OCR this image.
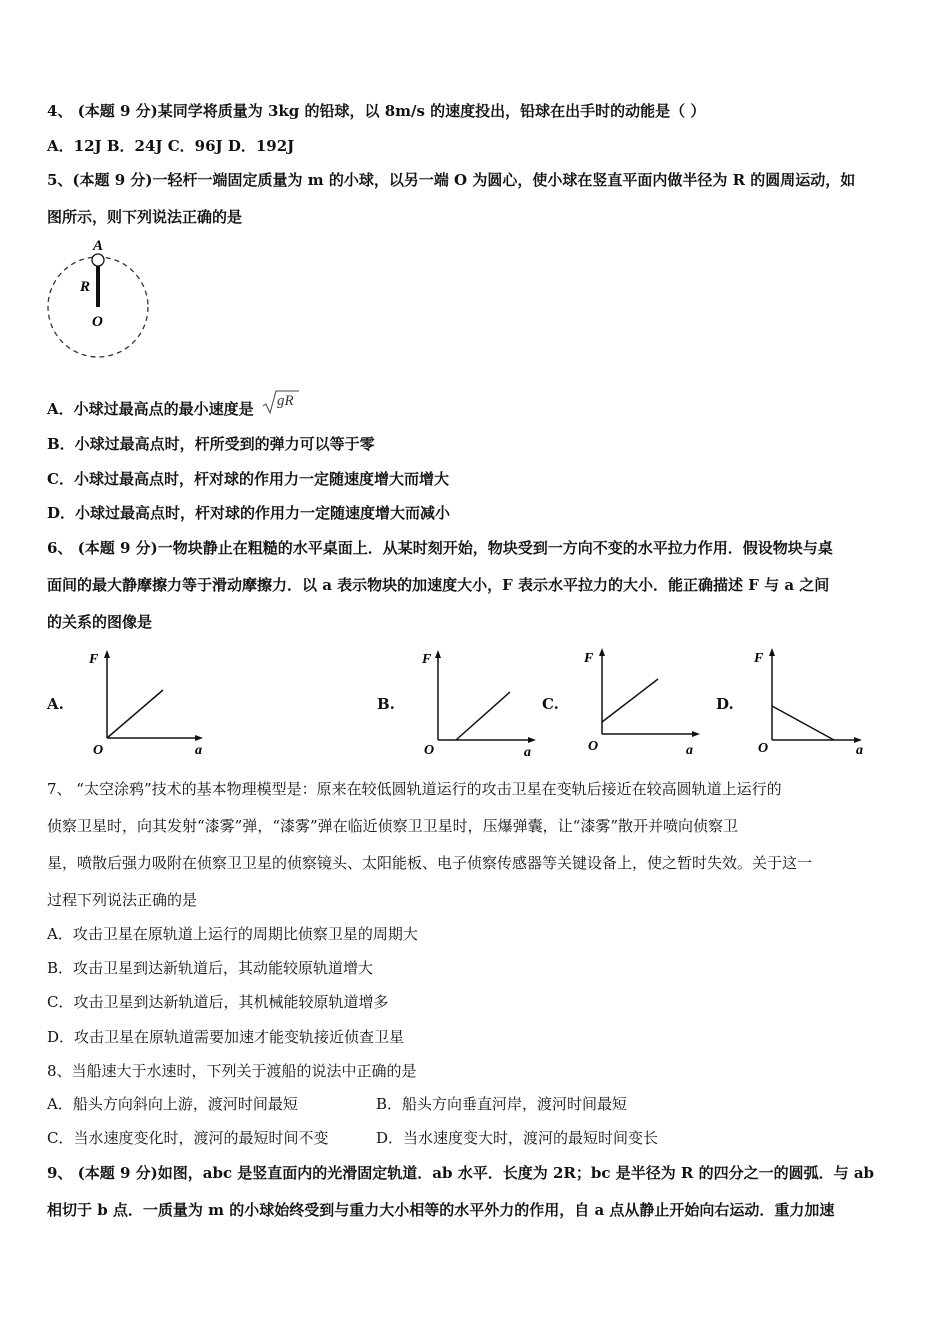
4、 (本题 9 分)某同学将质量为 3kg 的铅球，以 8m/s 的速度投出，铅球在出手时的动能是（ ）
A．12J B．24J C．96J D．192J
5、(本题 9 分)一轻杆一端固定质量为 m 的小球，以另一端 O 为圆心，使小球在竖直平面内做半径为 R 的圆周运动，如
图所示，则下列说法正确的是
A
R
O
A．小球过最高点的最小速度是 gR
B．小球过最高点时，杆所受到的弹力可以等于零
C．小球过最高点时，杆对球的作用力一定随速度增大而增大
D．小球过最高点时，杆对球的作用力一定随速度增大而减小
6、 (本题 9 分)一物块静止在粗糙的水平桌面上．从某时刻开始，物块受到一方向不变的水平拉力作用．假设物块与桌
面间的最大静摩擦力等于滑动摩擦力．以 a 表示物块的加速度大小，F 表示水平拉力的大小．能正确描述 F 与 a 之间
的关系的图像是
A.
F
O	a
B.
F
O	a
C.
F
O	a
D.
F
O	a
7、 “太空涂鸦”技术的基本物理模型是：原来在较低圆轨道运行的攻击卫星在变轨后接近在较高圆轨道上运行的
侦察卫星时，向其发射“漆雾”弹，“漆雾”弹在临近侦察卫卫星时，压爆弹囊，让“漆雾”散开并喷向侦察卫
星，喷散后强力吸附在侦察卫卫星的侦察镜头、太阳能板、电子侦察传感器等关键设备上，使之暂时失效。关于这一
过程下列说法正确的是
A．攻击卫星在原轨道上运行的周期比侦察卫星的周期大
B．攻击卫星到达新轨道后，其动能较原轨道增大
C．攻击卫星到达新轨道后，其机械能较原轨道增多
D．攻击卫星在原轨道需要加速才能变轨接近侦查卫星
8、当船速大于水速时，下列关于渡船的说法中正确的是
A．船头方向斜向上游，渡河时间最短	B．船头方向垂直河岸，渡河时间最短
C．当水速度变化时，渡河的最短时间不变	D．当水速度变大时，渡河的最短时间变长
9、 (本题 9 分)如图，abc 是竖直面内的光滑固定轨道．ab 水平．长度为 2R；bc 是半径为 R 的四分之一的圆弧．与 ab
相切于 b 点．一质量为 m 的小球始终受到与重力大小相等的水平外力的作用，自 a 点从静止开始向右运动．重力加速
